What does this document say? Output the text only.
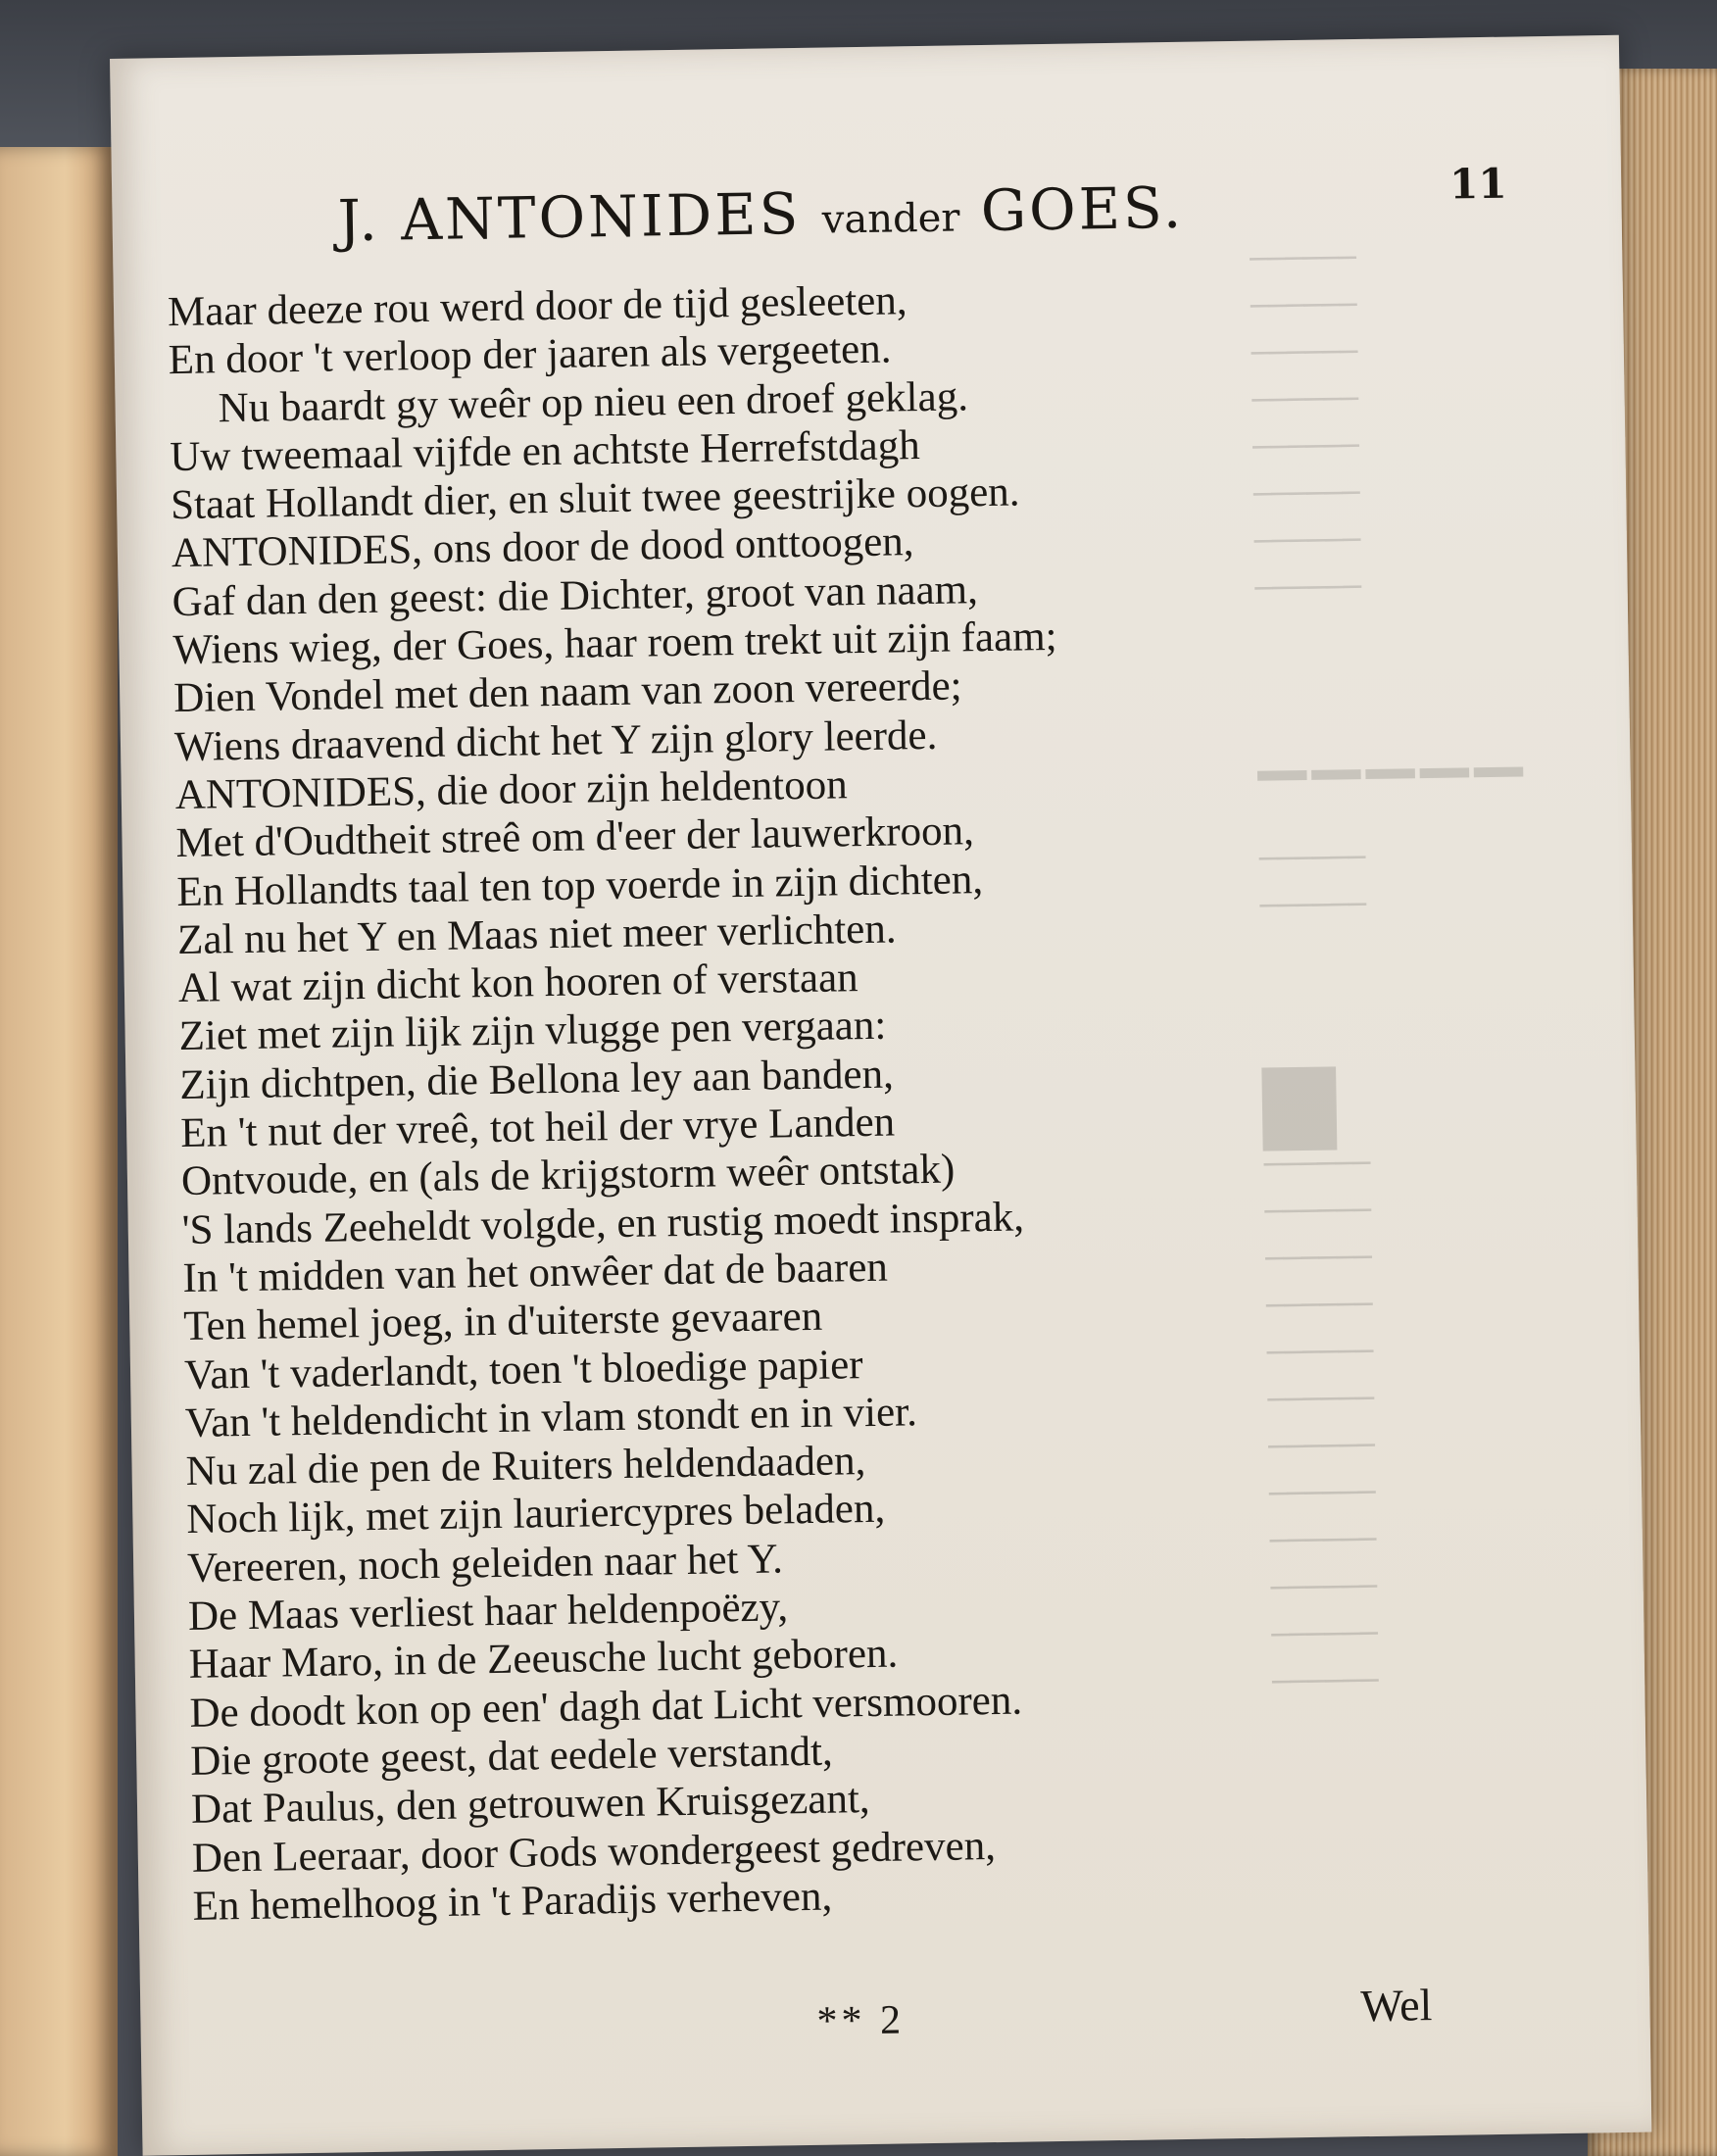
──────
──────
──────
──────
──────
──────
──────
──────
▁▁▁▁▁
──────
──────
▆
──────
──────
──────
──────
──────
──────
──────
──────
──────
──────
──────
──────
J. ANTONIDES vander GOES.	11
Maar deeze rou werd door de tijd gesleeten,
En door 't verloop der jaaren als vergeeten.
Nu baardt gy weêr op nieu een droef geklag.
Uw tweemaal vijfde en achtste Herrefstdagh
Staat Hollandt dier, en sluit twee geestrijke oogen.
ANTONIDES, ons door de dood onttoogen,
Gaf dan den geest: die Dichter, groot van naam,
Wiens wieg, der Goes, haar roem trekt uit zijn faam;
Dien Vondel met den naam van zoon vereerde;
Wiens draavend dicht het Y zijn glory leerde.
ANTONIDES, die door zijn heldentoon
Met d'Oudtheit streê om d'eer der lauwerkroon,
En Hollandts taal ten top voerde in zijn dichten,
Zal nu het Y en Maas niet meer verlichten.
Al wat zijn dicht kon hooren of verstaan
Ziet met zijn lijk zijn vlugge pen vergaan:
Zijn dichtpen, die Bellona ley aan banden,
En 't nut der vreê, tot heil der vrye Landen
Ontvoude, en (als de krijgstorm weêr ontstak)
'S lands Zeeheldt volgde, en rustig moedt insprak,
In 't midden van het onwêer dat de baaren
Ten hemel joeg, in d'uiterste gevaaren
Van 't vaderlandt, toen 't bloedige papier
Van 't heldendicht in vlam stondt en in vier.
Nu zal die pen de Ruiters heldendaaden,
Noch lijk, met zijn lauriercypres beladen,
Vereeren, noch geleiden naar het Y.
De Maas verliest haar heldenpoëzy,
Haar Maro, in de Zeeusche lucht geboren.
De doodt kon op een' dagh dat Licht versmooren.
Die groote geest, dat eedele verstandt,
Dat Paulus, den getrouwen Kruisgezant,
Den Leeraar, door Gods wondergeest gedreven,
En hemelhoog in 't Paradijs verheven,
** 2	Wel
